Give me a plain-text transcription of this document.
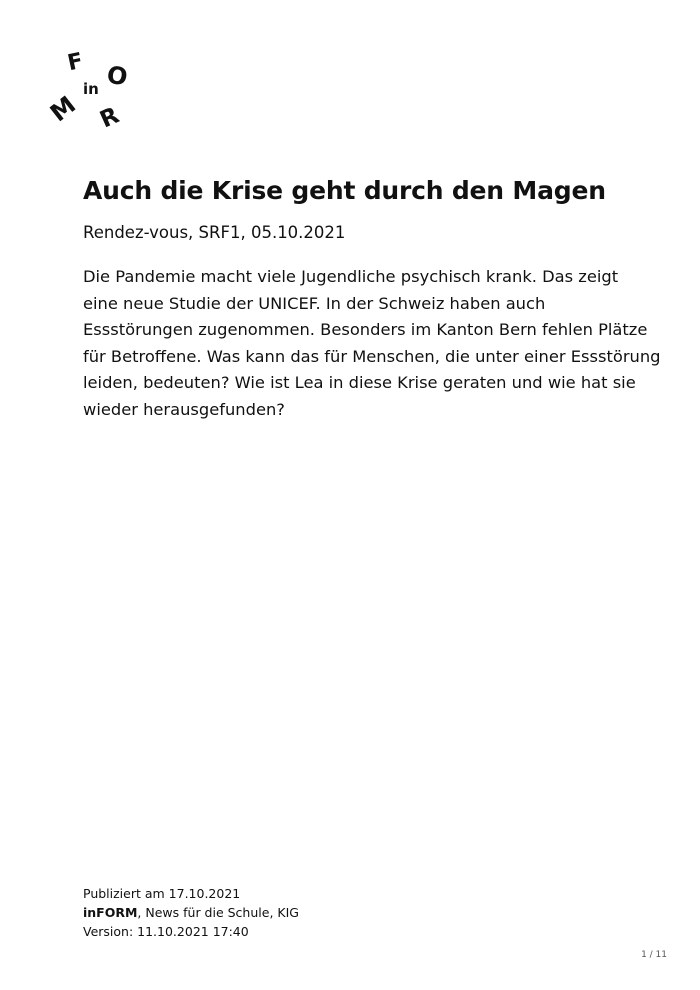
F O
in
M R
Auch die Krise geht durch den Magen
Rendez-vous, SRF1, 05.10.2021
Die Pandemie macht viele Jugendliche psychisch krank. Das zeigt
eine neue Studie der UNICEF. In der Schweiz haben auch
Essstörungen zugenommen. Besonders im Kanton Bern fehlen Plätze
für Betroffene. Was kann das für Menschen, die unter einer Essstörung
leiden, bedeuten? Wie ist Lea in diese Krise geraten und wie hat sie
wieder herausgefunden?
Publiziert am 17.10.2021
inFORM, News für die Schule, KIG
Version: 11.10.2021 17:40
1 / 11
